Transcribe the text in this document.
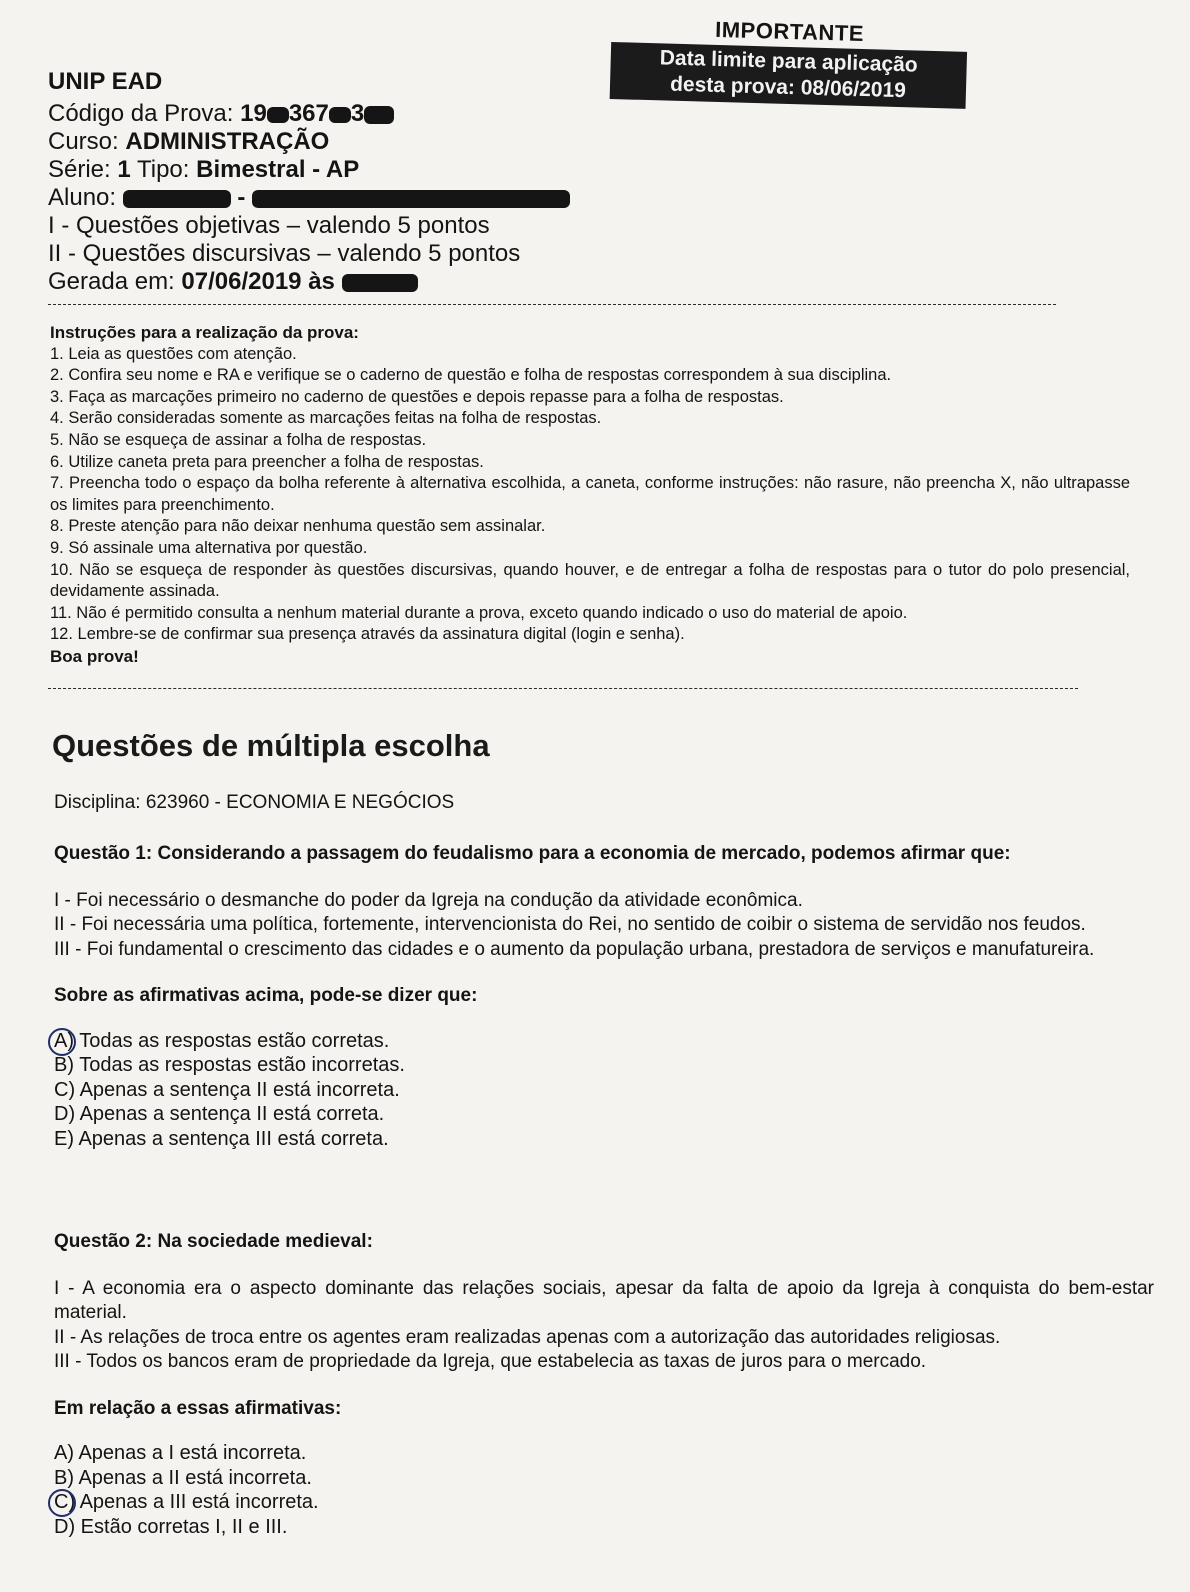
IMPORTANTE
Data limite para aplicação
desta prova: 08/06/2019
UNIP EAD
Código da Prova: 19 367 3
Curso: ADMINISTRAÇÃO
Série: 1 Tipo: Bimestral - AP
Aluno:	-
I - Questões objetivas – valendo 5 pontos
II - Questões discursivas – valendo 5 pontos
Gerada em: 07/06/2019 às
Instruções para a realização da prova:
1. Leia as questões com atenção.
2. Confira seu nome e RA e verifique se o caderno de questão e folha de respostas correspondem à sua disciplina.
3. Faça as marcações primeiro no caderno de questões e depois repasse para a folha de respostas.
4. Serão consideradas somente as marcações feitas na folha de respostas.
5. Não se esqueça de assinar a folha de respostas.
6. Utilize caneta preta para preencher a folha de respostas.
7. Preencha todo o espaço da bolha referente à alternativa escolhida, a caneta, conforme instruções: não rasure, não preencha X, não ultrapasse os limites para preenchimento.
8. Preste atenção para não deixar nenhuma questão sem assinalar.
9. Só assinale uma alternativa por questão.
10. Não se esqueça de responder às questões discursivas, quando houver, e de entregar a folha de respostas para o tutor do polo presencial, devidamente assinada.
11. Não é permitido consulta a nenhum material durante a prova, exceto quando indicado o uso do material de apoio.
12. Lembre-se de confirmar sua presença através da assinatura digital (login e senha).
Boa prova!
Questões de múltipla escolha
Disciplina: 623960 - ECONOMIA E NEGÓCIOS
Questão 1: Considerando a passagem do feudalismo para a economia de mercado, podemos afirmar que:
I - Foi necessário o desmanche do poder da Igreja na condução da atividade econômica.
II - Foi necessária uma política, fortemente, intervencionista do Rei, no sentido de coibir o sistema de servidão nos feudos.
III - Foi fundamental o crescimento das cidades e o aumento da população urbana, prestadora de serviços e manufatureira.
Sobre as afirmativas acima, pode-se dizer que:
A) Todas as respostas estão corretas.
B) Todas as respostas estão incorretas.
C) Apenas a sentença II está incorreta.
D) Apenas a sentença II está correta.
E) Apenas a sentença III está correta.
Questão 2: Na sociedade medieval:
I - A economia era o aspecto dominante das relações sociais, apesar da falta de apoio da Igreja à conquista do bem-estar material.
II - As relações de troca entre os agentes eram realizadas apenas com a autorização das autoridades religiosas.
III - Todos os bancos eram de propriedade da Igreja, que estabelecia as taxas de juros para o mercado.
Em relação a essas afirmativas:
A) Apenas a I está incorreta.
B) Apenas a II está incorreta.
C) Apenas a III está incorreta.
D) Estão corretas I, II e III.
